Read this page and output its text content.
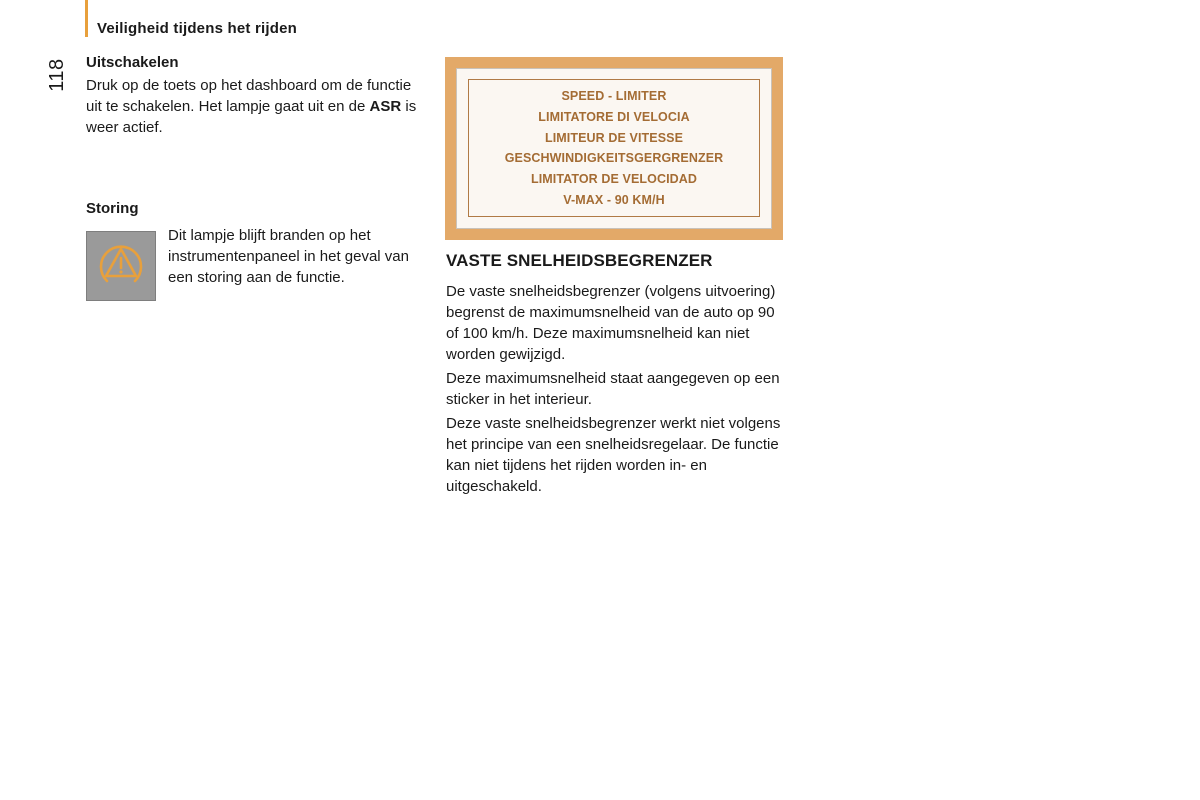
Veiligheid tijdens het rijden
118	Uitschakelen

Druk op de toets op het dashboard om de functie uit te schakelen. Het lampje gaat uit en de ASR is weer actief.

Storing

Dit lampje blijft branden op het instrumentenpaneel in het geval van een storing aan de functie.
SPEED - LIMITER
LIMITATORE DI VELOCIA
LIMITEUR DE VITESSE
GESCHWINDIGKEITSGERGRENZER
LIMITATOR DE VELOCIDAD
V-MAX - 90 KM/H

VASTE SNELHEIDSBEGRENZER

De vaste snelheidsbegrenzer (volgens uitvoering) begrenst de maximumsnelheid van de auto op 90 of 100 km/h. Deze maximumsnelheid kan niet worden gewijzigd.

Deze maximumsnelheid staat aangegeven op een sticker in het interieur.

Deze vaste snelheidsbegrenzer werkt niet volgens het principe van een snelheidsregelaar. De functie kan niet tijdens het rijden worden in- en uitgeschakeld.
